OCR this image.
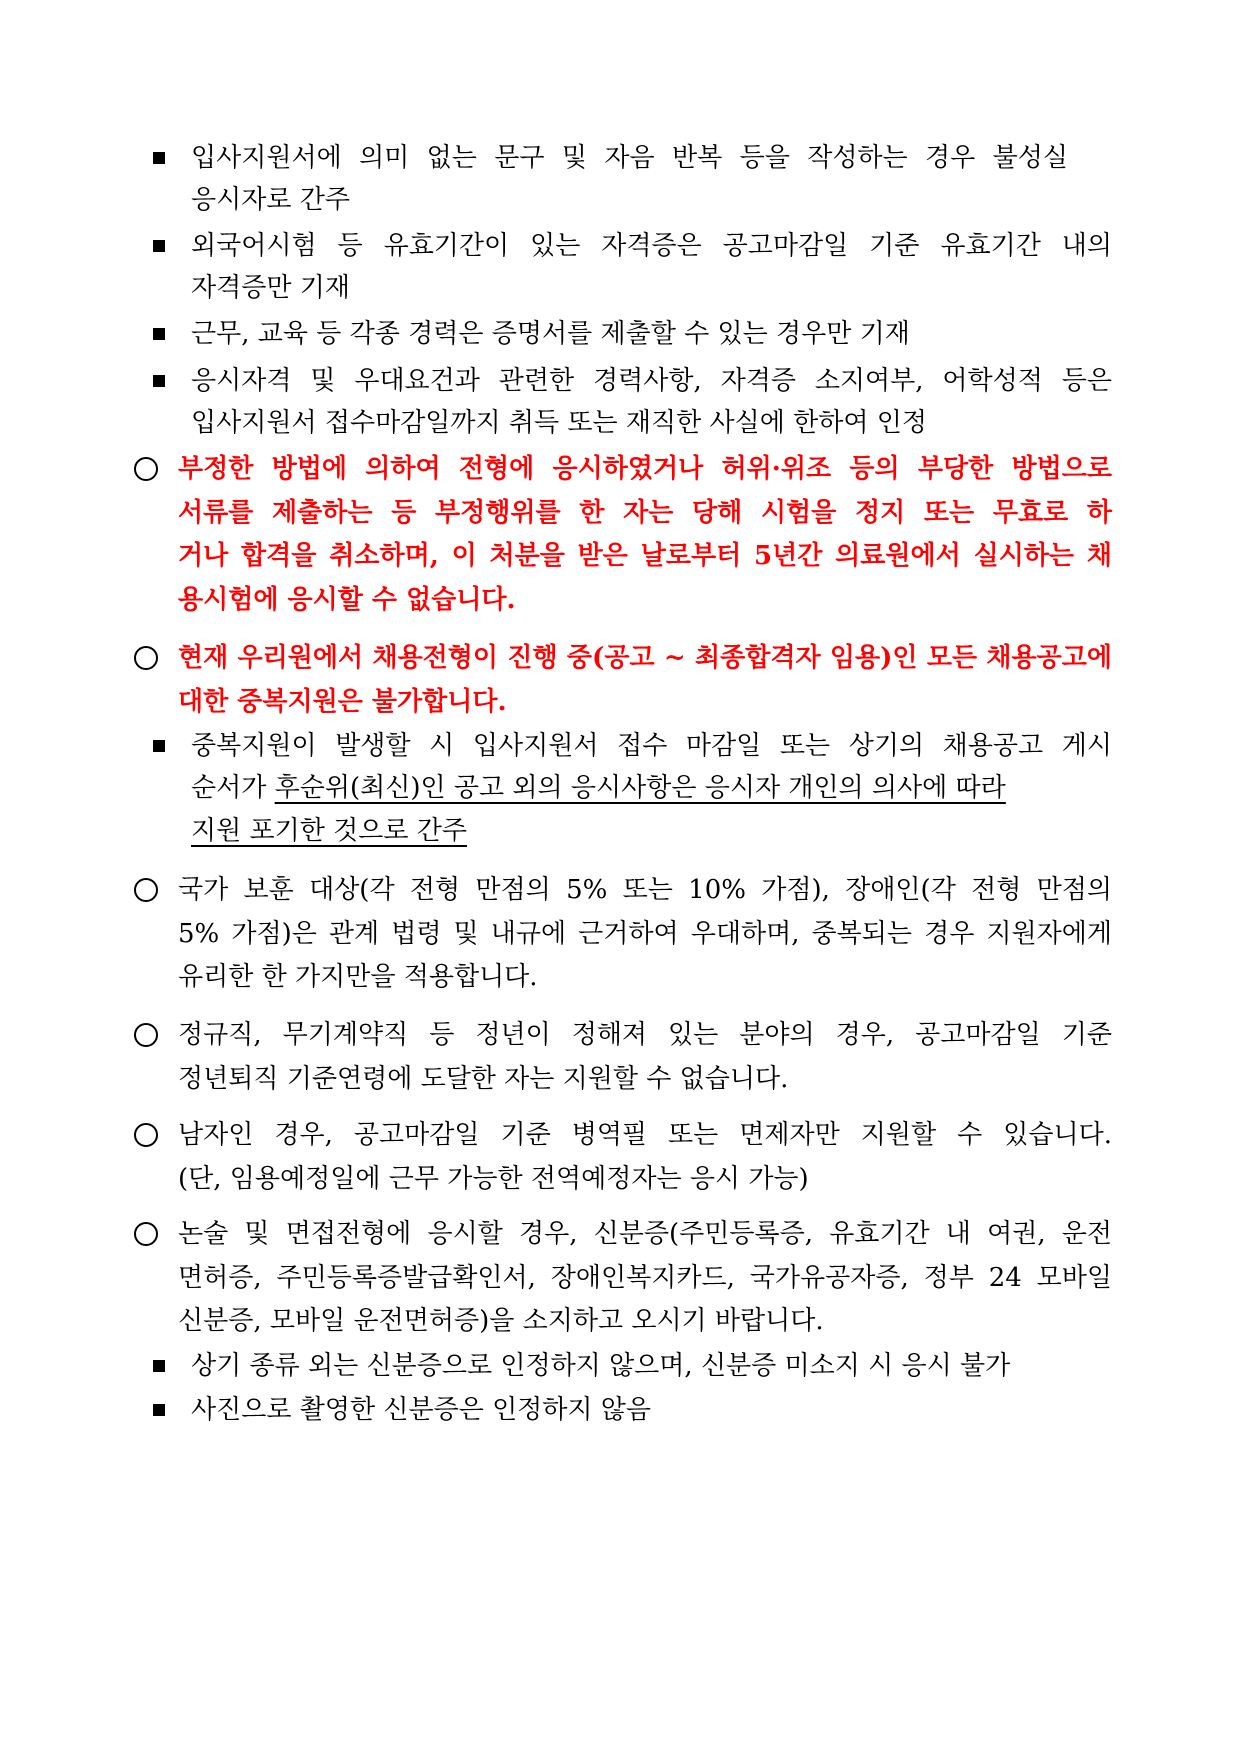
입사지원서에 의미 없는 문구 및 자음 반복 등을 작성하는 경우 불성실
응시자로 간주
외국어시험 등 유효기간이 있는 자격증은 공고마감일 기준 유효기간 내의
자격증만 기재
근무, 교육 등 각종 경력은 증명서를 제출할 수 있는 경우만 기재
응시자격 및 우대요건과 관련한 경력사항, 자격증 소지여부, 어학성적 등은
입사지원서 접수마감일까지 취득 또는 재직한 사실에 한하여 인정
부정한 방법에 의하여 전형에 응시하였거나 허위·위조 등의 부당한 방법으로
서류를 제출하는 등 부정행위를 한 자는 당해 시험을 정지 또는 무효로 하
거나 합격을 취소하며, 이 처분을 받은 날로부터 5년간 의료원에서 실시하는 채
용시험에 응시할 수 없습니다.
현재 우리원에서 채용전형이 진행 중(공고 ~ 최종합격자 임용)인 모든 채용공고에
대한 중복지원은 불가합니다.
중복지원이 발생할 시 입사지원서 접수 마감일 또는 상기의 채용공고 게시
순서가 후순위(최신)인 공고 외의 응시사항은 응시자 개인의 의사에 따라
지원 포기한 것으로 간주
국가 보훈 대상(각 전형 만점의 5% 또는 10% 가점), 장애인(각 전형 만점의
5% 가점)은 관계 법령 및 내규에 근거하여 우대하며, 중복되는 경우 지원자에게
유리한 한 가지만을 적용합니다.
정규직, 무기계약직 등 정년이 정해져 있는 분야의 경우, 공고마감일 기준
정년퇴직 기준연령에 도달한 자는 지원할 수 없습니다.
남자인 경우, 공고마감일 기준 병역필 또는 면제자만 지원할 수 있습니다.
(단, 임용예정일에 근무 가능한 전역예정자는 응시 가능)
논술 및 면접전형에 응시할 경우, 신분증(주민등록증, 유효기간 내 여권, 운전
면허증, 주민등록증발급확인서, 장애인복지카드, 국가유공자증, 정부 24 모바일
신분증, 모바일 운전면허증)을 소지하고 오시기 바랍니다.
상기 종류 외는 신분증으로 인정하지 않으며, 신분증 미소지 시 응시 불가
사진으로 촬영한 신분증은 인정하지 않음
